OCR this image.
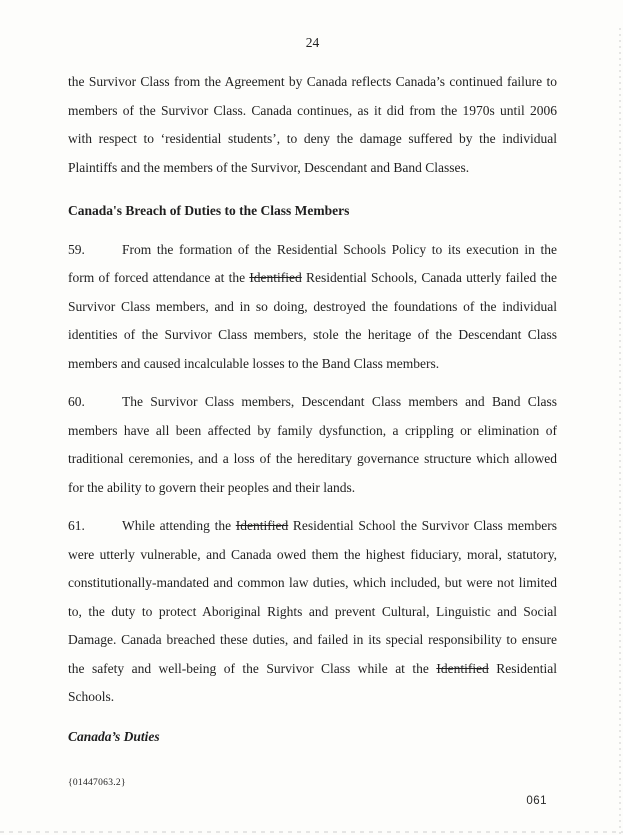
24

the Survivor Class from the Agreement by Canada reflects Canada’s continued failure to members of the Survivor Class. Canada continues, as it did from the 1970s until 2006 with respect to ‘residential students’, to deny the damage suffered by the individual Plaintiffs and the members of the Survivor, Descendant and Band Classes.

Canada's Breach of Duties to the Class Members

59.	From the formation of the Residential Schools Policy to its execution in the form of forced attendance at the Identified Residential Schools, Canada utterly failed the Survivor Class members, and in so doing, destroyed the foundations of the individual identities of the Survivor Class members, stole the heritage of the Descendant Class members and caused incalculable losses to the Band Class members.

60.	The Survivor Class members, Descendant Class members and Band Class members have all been affected by family dysfunction, a crippling or elimination of traditional ceremonies, and a loss of the hereditary governance structure which allowed for the ability to govern their peoples and their lands.

61.	While attending the Identified Residential School the Survivor Class members were utterly vulnerable, and Canada owed them the highest fiduciary, moral, statutory, constitutionally-mandated and common law duties, which included, but were not limited to, the duty to protect Aboriginal Rights and prevent Cultural, Linguistic and Social Damage. Canada breached these duties, and failed in its special responsibility to ensure the safety and well-being of the Survivor Class while at the Identified Residential Schools.

Canada’s Duties

{01447063.2}

061
